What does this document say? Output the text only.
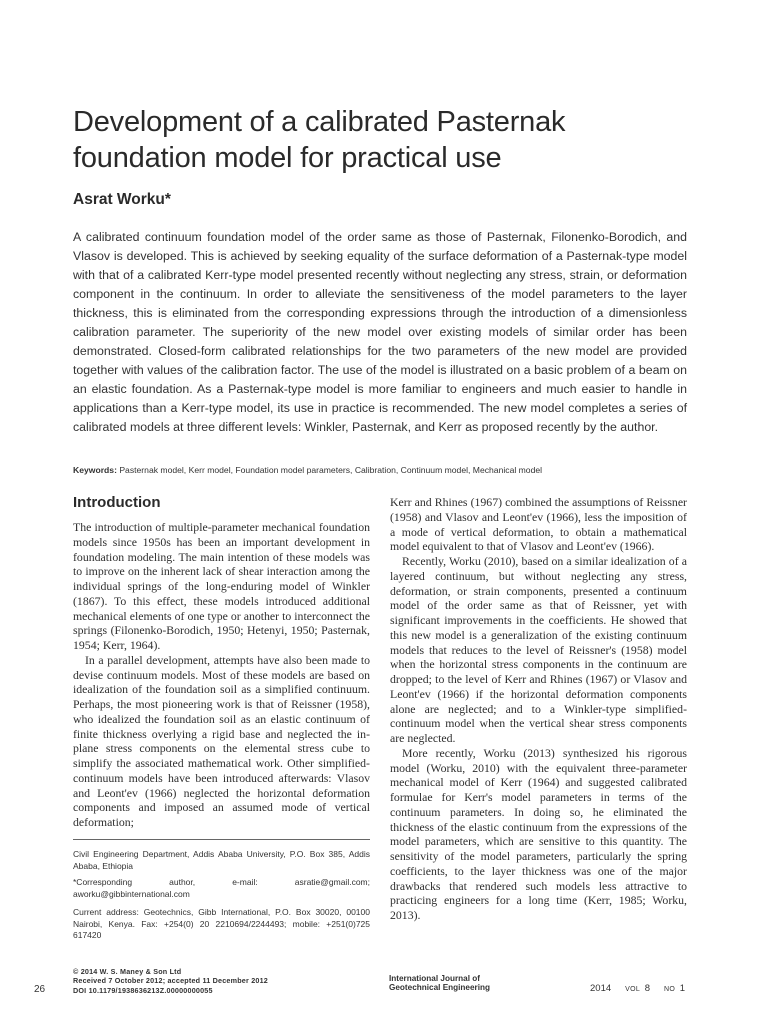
Development of a calibrated Pasternak
foundation model for practical use
Asrat Worku*

A calibrated continuum foundation model of the order same as those of Pasternak, Filonenko-Borodich, and Vlasov is developed. This is achieved by seeking equality of the surface deformation of a Pasternak-type model with that of a calibrated Kerr-type model presented recently without neglecting any stress, strain, or deformation component in the continuum. In order to alleviate the sensitiveness of the model parameters to the layer thickness, this is eliminated from the corresponding expressions through the introduction of a dimensionless calibration parameter. The superiority of the new model over existing models of similar order has been demonstrated. Closed-form calibrated relationships for the two parameters of the new model are provided together with values of the calibration factor. The use of the model is illustrated on a basic problem of a beam on an elastic foundation. As a Pasternak-type model is more familiar to engineers and much easier to handle in applications than a Kerr-type model, its use in practice is recommended. The new model completes a series of calibrated models at three different levels: Winkler, Pasternak, and Kerr as proposed recently by the author.

Keywords: Pasternak model, Kerr model, Foundation model parameters, Calibration, Continuum model, Mechanical model
Introduction

The introduction of multiple-parameter mechanical foundation models since 1950s has been an important development in foundation modeling. The main intention of these models was to improve on the inherent lack of shear interaction among the individual springs of the long-enduring model of Winkler (1867). To this effect, these models introduced additional mechanical elements of one type or another to interconnect the springs (Filonenko-Borodich, 1950; Hetenyi, 1950; Pasternak, 1954; Kerr, 1964).

In a parallel development, attempts have also been made to devise continuum models. Most of these models are based on idealization of the foundation soil as a simplified continuum. Perhaps, the most pioneering work is that of Reissner (1958), who idealized the foundation soil as an elastic continuum of finite thickness overlying a rigid base and neglected the in-plane stress components on the elemental stress cube to simplify the associated mathematical work. Other simplified-continuum models have been introduced afterwards: Vlasov and Leont'ev (1966) neglected the horizontal deformation components and imposed an assumed mode of vertical deformation;

Kerr and Rhines (1967) combined the assumptions of Reissner (1958) and Vlasov and Leont'ev (1966), less the imposition of a mode of vertical deformation, to obtain a mathematical model equivalent to that of Vlasov and Leont'ev (1966).

Recently, Worku (2010), based on a similar idealization of a layered continuum, but without neglecting any stress, deformation, or strain components, presented a continuum model of the order same as that of Reissner, yet with significant improvements in the coefficients. He showed that this new model is a generalization of the existing continuum models that reduces to the level of Reissner's (1958) model when the horizontal stress components in the continuum are dropped; to the level of Kerr and Rhines (1967) or Vlasov and Leont'ev (1966) if the horizontal deformation components alone are neglected; and to a Winkler-type simplified-continuum model when the vertical shear stress components are neglected.

More recently, Worku (2013) synthesized his rigorous model (Worku, 2010) with the equivalent three-parameter mechanical model of Kerr (1964) and suggested calibrated formulae for Kerr's model parameters in terms of the continuum parameters. In doing so, he eliminated the thickness of the elastic continuum from the expressions of the model parameters, which are sensitive to this quantity. The sensitivity of the model parameters, particularly the spring coefficients, to the layer thickness was one of the major drawbacks that rendered such models less attractive to practicing engineers for a long time (Kerr, 1985; Worku, 2013).

Civil Engineering Department, Addis Ababa University, P.O. Box 385, Addis Ababa, Ethiopia

*Corresponding author, e-mail: asratie@gmail.com; aworku@gibbinternational.com

Current address: Geotechnics, Gibb International, P.O. Box 30020, 00100 Nairobi, Kenya. Fax: +254(0) 20 2210694/2244493; mobile: +251(0)725 617420

26
© 2014 W. S. Maney & Son Ltd
Received 7 October 2012; accepted 11 December 2012
DOI 10.1179/1938636213Z.00000000055
International Journal of
Geotechnical Engineering	2014 VOL 8 NO 1
